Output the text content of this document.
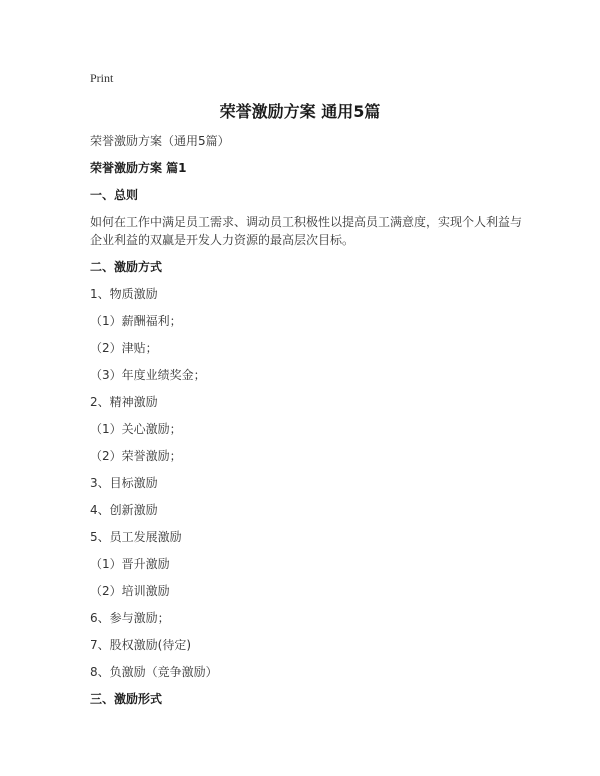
Print
荣誉激励方案 通用5篇
荣誉激励方案（通用5篇）
荣誉激励方案 篇1
一、总则
如何在工作中满足员工需求、调动员工积极性以提高员工满意度，实现个人利益与企业利益的双赢是开发人力资源的最高层次目标。
二、激励方式
1、物质激励
（1）薪酬福利；
（2）津贴；
（3）年度业绩奖金；
2、精神激励
（1）关心激励；
（2）荣誉激励；
3、目标激励
4、创新激励
5、员工发展激励
（1）晋升激励
（2）培训激励
6、参与激励；
7、股权激励(待定)
8、负激励（竞争激励）
三、激励形式
